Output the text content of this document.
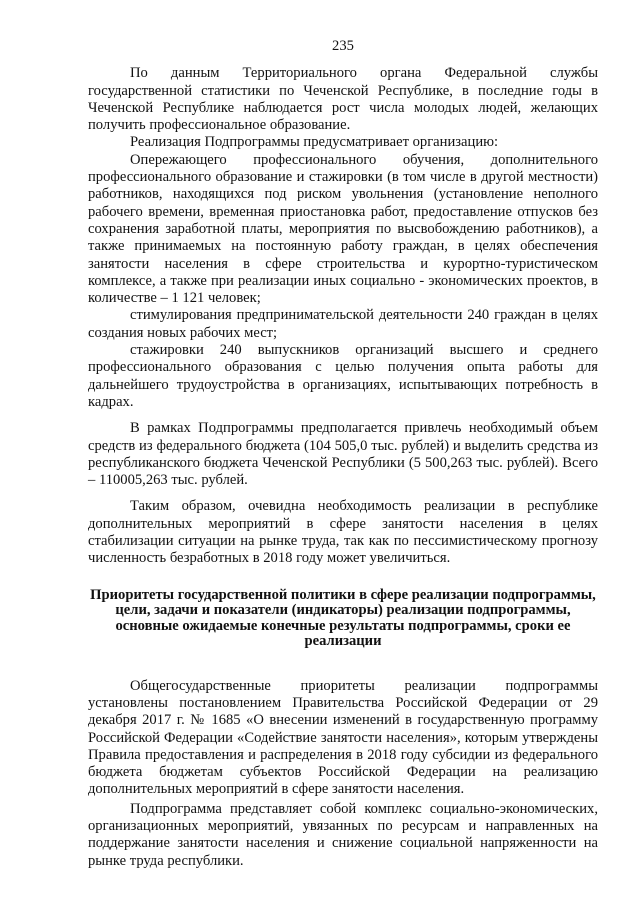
235

По данным Территориального органа Федеральной службы государственной статистики по Чеченской Республике, в последние годы в Чеченской Республике наблюдается рост числа молодых людей, желающих получить профессиональное образование.

Реализация Подпрограммы предусматривает организацию:

Опережающего профессионального обучения, дополнительного профессионального образование и стажировки (в том числе в другой местности) работников, находящихся под риском увольнения (установление неполного рабочего времени, временная приостановка работ, предоставление отпусков без сохранения заработной платы, мероприятия по высвобождению работников), а также принимаемых на постоянную работу граждан, в целях обеспечения занятости населения в сфере строительства и курортно-туристическом комплексе, а также при реализации иных социально - экономических проектов, в количестве – 1 121 человек;

стимулирования предпринимательской деятельности 240 граждан в целях создания новых рабочих мест;

стажировки 240 выпускников организаций высшего и среднего профессионального образования с целью получения опыта работы для дальнейшего трудоустройства в организациях, испытывающих потребность в кадрах.

В рамках Подпрограммы предполагается привлечь необходимый объем средств из федерального бюджета (104 505,0 тыс. рублей) и выделить средства из республиканского бюджета Чеченской Республики (5 500,263 тыс. рублей). Всего – 110005,263 тыс. рублей.

Таким образом, очевидна необходимость реализации в республике дополнительных мероприятий в сфере занятости населения в целях стабилизации ситуации на рынке труда, так как по пессимистическому прогнозу численность безработных в 2018 году может увеличиться.

Приоритеты государственной политики в сфере реализации подпрограммы, цели, задачи и показатели (индикаторы) реализации подпрограммы, основные ожидаемые конечные результаты подпрограммы, сроки ее реализации

Общегосударственные приоритеты реализации подпрограммы установлены постановлением Правительства Российской Федерации от 29 декабря 2017 г. № 1685 «О внесении изменений в государственную программу Российской Федерации «Содействие занятости населения», которым утверждены Правила предоставления и распределения в 2018 году субсидии из федерального бюджета бюджетам субъектов Российской Федерации на реализацию дополнительных мероприятий в сфере занятости населения.

Подпрограмма представляет собой комплекс социально-экономических, организационных мероприятий, увязанных по ресурсам и направленных на поддержание занятости населения и снижение социальной напряженности на рынке труда республики.
